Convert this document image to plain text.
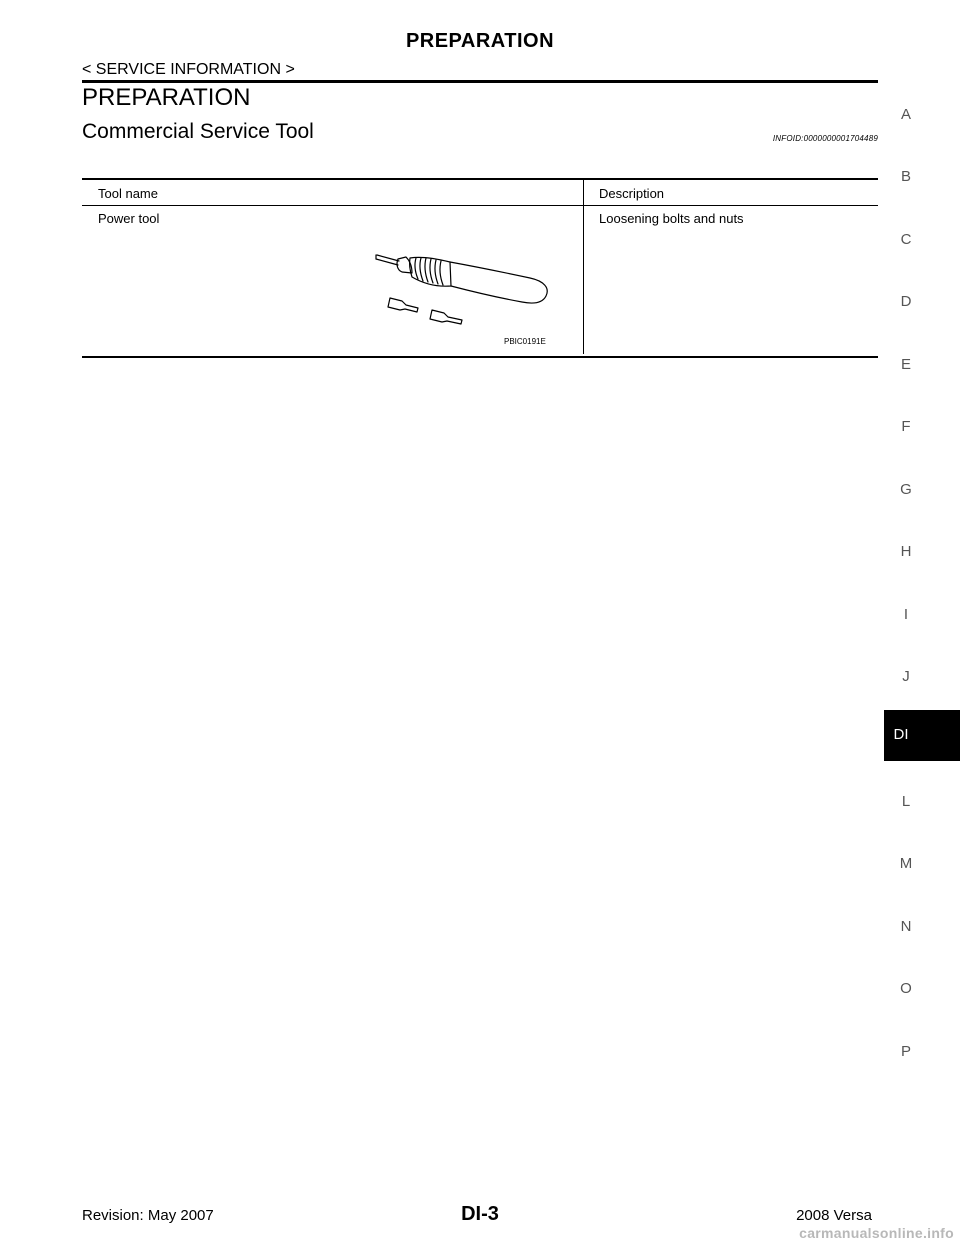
PREPARATION
< SERVICE INFORMATION >
PREPARATION
Commercial Service Tool	INFOID:0000000001704489
Tool name	Description
Power tool	Loosening bolts and nuts
PBIC0191E
A
B
C
D
E
F
G
H
I
J
DI
L
M
N
O
P
Revision: May 2007	DI-3	2008 Versa
carmanualsonline.info
